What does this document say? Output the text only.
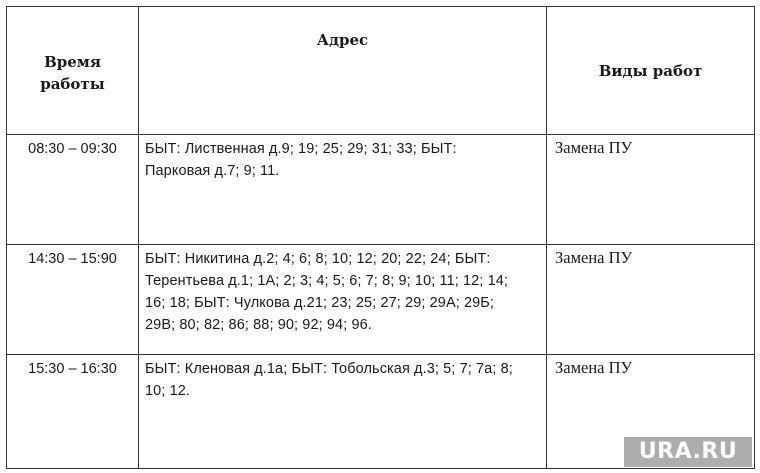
Время
работы	Адрес	Виды работ
08:30 – 09:30	БЫТ: Лиственная д.9; 19; 25; 29; 31; 33; БЫТ:
Парковая д.7; 9; 11.	Замена ПУ
14:30 – 15:90	БЫТ: Никитина д.2; 4; 6; 8; 10; 12; 20; 22; 24; БЫТ:
Терентьева д.1; 1А; 2; 3; 4; 5; 6; 7; 8; 9; 10; 11; 12; 14;
16; 18; БЫТ: Чулкова д.21; 23; 25; 27; 29; 29А; 29Б;
29В; 80; 82; 86; 88; 90; 92; 94; 96.	Замена ПУ
15:30 – 16:30	БЫТ: Кленовая д.1а; БЫТ: Тобольская д.3; 5; 7; 7а; 8;
10; 12.	Замена ПУ
URA.RU
